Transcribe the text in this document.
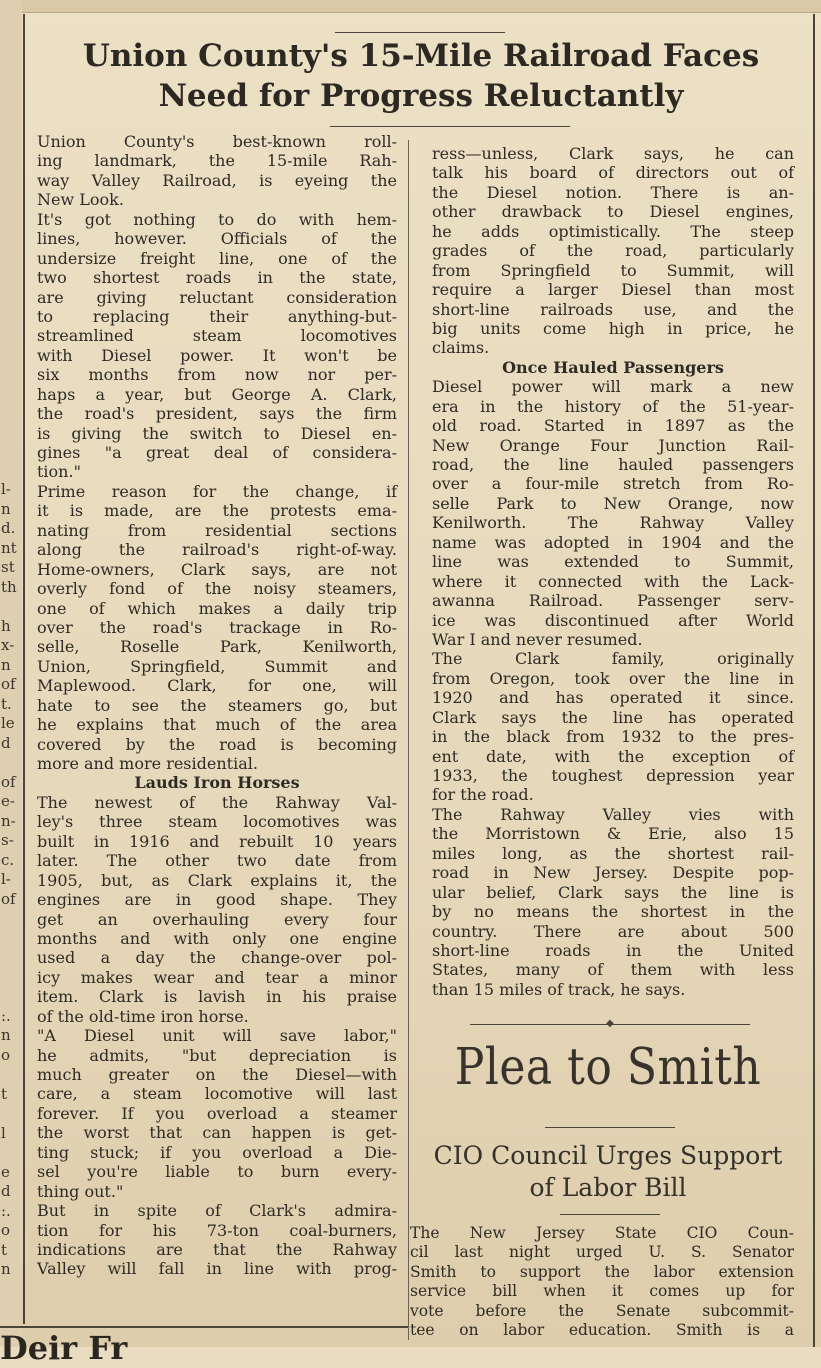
l-
n
d.
nt
st
th
h
x-
n
of
t.
le
d
of
e-
n-
s-
c.
l-
of
:.
n
o
t
l
e
d
:.
o
t
n
Deir Fr
Union County's 15-Mile Railroad Faces
Need for Progress Reluctantly
Union County's best-known roll-
ing landmark, the 15-mile Rah-
way Valley Railroad, is eyeing the
New Look.
It's got nothing to do with hem-
lines, however. Officials of the
undersize freight line, one of the
two shortest roads in the state,
are giving reluctant consideration
to replacing their anything-but-
streamlined steam locomotives
with Diesel power. It won't be
six months from now nor per-
haps a year, but George A. Clark,
the road's president, says the firm
is giving the switch to Diesel en-
gines "a great deal of considera-
tion."
Prime reason for the change, if
it is made, are the protests ema-
nating from residential sections
along the railroad's right-of-way.
Home-owners, Clark says, are not
overly fond of the noisy steamers,
one of which makes a daily trip
over the road's trackage in Ro-
selle, Roselle Park, Kenilworth,
Union, Springfield, Summit and
Maplewood. Clark, for one, will
hate to see the steamers go, but
he explains that much of the area
covered by the road is becoming
more and more residential.
Lauds Iron Horses
The newest of the Rahway Val-
ley's three steam locomotives was
built in 1916 and rebuilt 10 years
later. The other two date from
1905, but, as Clark explains it, the
engines are in good shape. They
get an overhauling every four
months and with only one engine
used a day the change-over pol-
icy makes wear and tear a minor
item. Clark is lavish in his praise
of the old-time iron horse.
"A Diesel unit will save labor,"
he admits, "but depreciation is
much greater on the Diesel—with
care, a steam locomotive will last
forever. If you overload a steamer
the worst that can happen is get-
ting stuck; if you overload a Die-
sel you're liable to burn every-
thing out."
But in spite of Clark's admira-
tion for his 73-ton coal-burners,
indications are that the Rahway
Valley will fall in line with prog-
ress—unless, Clark says, he can
talk his board of directors out of
the Diesel notion. There is an-
other drawback to Diesel engines,
he adds optimistically. The steep
grades of the road, particularly
from Springfield to Summit, will
require a larger Diesel than most
short-line railroads use, and the
big units come high in price, he
claims.
Once Hauled Passengers
Diesel power will mark a new
era in the history of the 51-year-
old road. Started in 1897 as the
New Orange Four Junction Rail-
road, the line hauled passengers
over a four-mile stretch from Ro-
selle Park to New Orange, now
Kenilworth. The Rahway Valley
name was adopted in 1904 and the
line was extended to Summit,
where it connected with the Lack-
awanna Railroad. Passenger serv-
ice was discontinued after World
War I and never resumed.
The Clark family, originally
from Oregon, took over the line in
1920 and has operated it since.
Clark says the line has operated
in the black from 1932 to the pres-
ent date, with the exception of
1933, the toughest depression year
for the road.
The Rahway Valley vies with
the Morristown & Erie, also 15
miles long, as the shortest rail-
road in New Jersey. Despite pop-
ular belief, Clark says the line is
by no means the shortest in the
country. There are about 500
short-line roads in the United
States, many of them with less
than 15 miles of track, he says.
◆
Plea to Smith
CIO Council Urges Support
of Labor Bill
The New Jersey State CIO Coun-
cil last night urged U. S. Senator
Smith to support the labor extension
service bill when it comes up for
vote before the Senate subcommit-
tee on labor education. Smith is a
